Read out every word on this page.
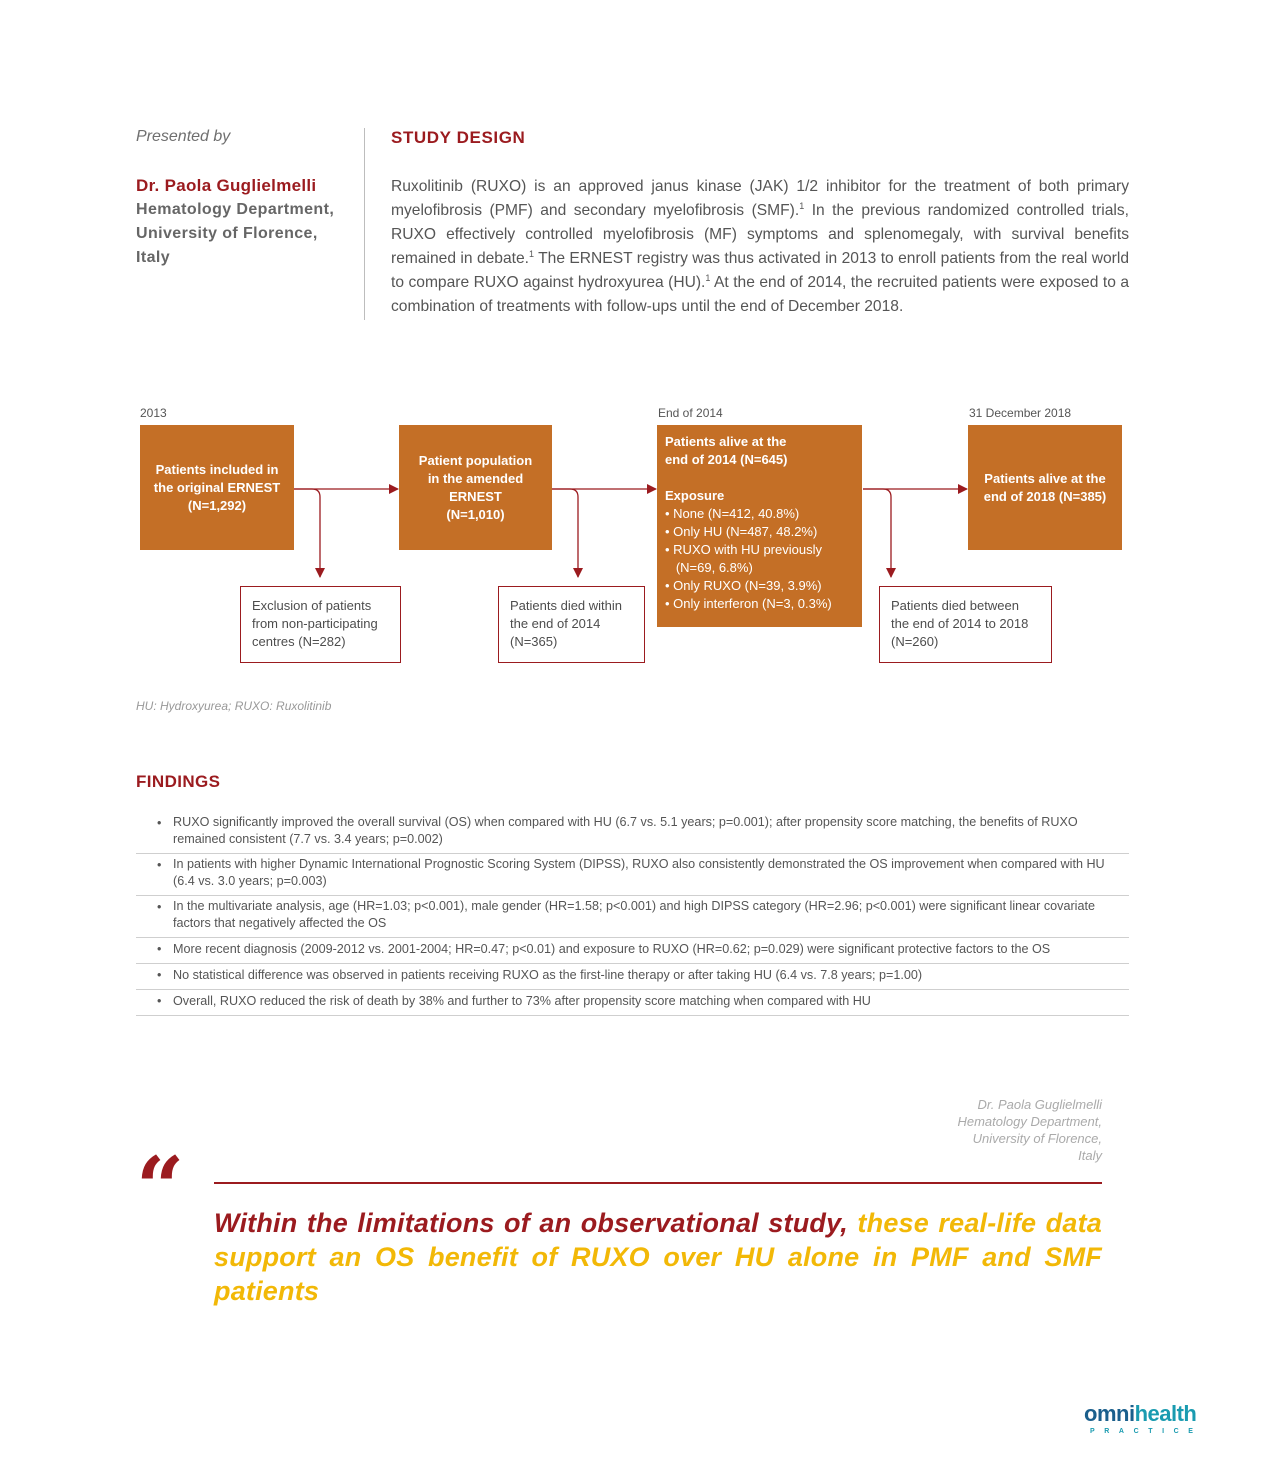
Presented by
Dr. Paola Guglielmelli
Hematology Department,
University of Florence,
Italy
STUDY DESIGN

Ruxolitinib (RUXO) is an approved janus kinase (JAK) 1/2 inhibitor for the treatment of both primary myelofibrosis (PMF) and secondary myelofibrosis (SMF).$^1$ In the previous randomized controlled trials, RUXO effectively controlled myelofibrosis (MF) symptoms and splenomegaly, with survival benefits remained in debate.$^1$ The ERNEST registry was thus activated in 2013 to enroll patients from the real world to compare RUXO against hydroxyurea (HU).$^1$ At the end of 2014, the recruited patients were exposed to a combination of treatments with follow-ups until the end of December 2018.

2013	End of 2014	31 December 2018
Patients included in
the original ERNEST
(N=1,292)
Patient population
in the amended
ERNEST
(N=1,010)
Patients alive at the
end of 2014 (N=645)
Exposure
• None (N=412, 40.8%)
• Only HU (N=487, 48.2%)
• RUXO with HU previously
(N=69, 6.8%)
• Only RUXO (N=39, 3.9%)
• Only interferon (N=3, 0.3%)
Patients alive at the
end of 2018 (N=385)
Exclusion of patients
from non-participating
centres (N=282)
Patients died within
the end of 2014
(N=365)
Patients died between
the end of 2014 to 2018
(N=260)
HU: Hydroxyurea; RUXO: Ruxolitinib
FINDINGS
• RUXO significantly improved the overall survival (OS) when compared with HU (6.7 vs. 5.1 years; p=0.001); after propensity score matching, the benefits of RUXO remained consistent (7.7 vs. 3.4 years; p=0.002)
• In patients with higher Dynamic International Prognostic Scoring System (DIPSS), RUXO also consistently demonstrated the OS improvement when compared with HU (6.4 vs. 3.0 years; p=0.003)
• In the multivariate analysis, age (HR=1.03; p<0.001), male gender (HR=1.58; p<0.001) and high DIPSS category (HR=2.96; p<0.001) were significant linear covariate factors that negatively affected the OS
• More recent diagnosis (2009-2012 vs. 2001-2004; HR=0.47; p<0.01) and exposure to RUXO (HR=0.62; p=0.029) were significant protective factors to the OS
• No statistical difference was observed in patients receiving RUXO as the first-line therapy or after taking HU (6.4 vs. 7.8 years; p=1.00)
• Overall, RUXO reduced the risk of death by 38% and further to 73% after propensity score matching when compared with HU
Dr. Paola Guglielmelli
Hematology Department,
University of Florence,
Italy
“ Within the limitations of an observational study, these real-life data support an OS benefit of RUXO over HU alone in PMF and SMF patients
omnihealth
PRACTICE
